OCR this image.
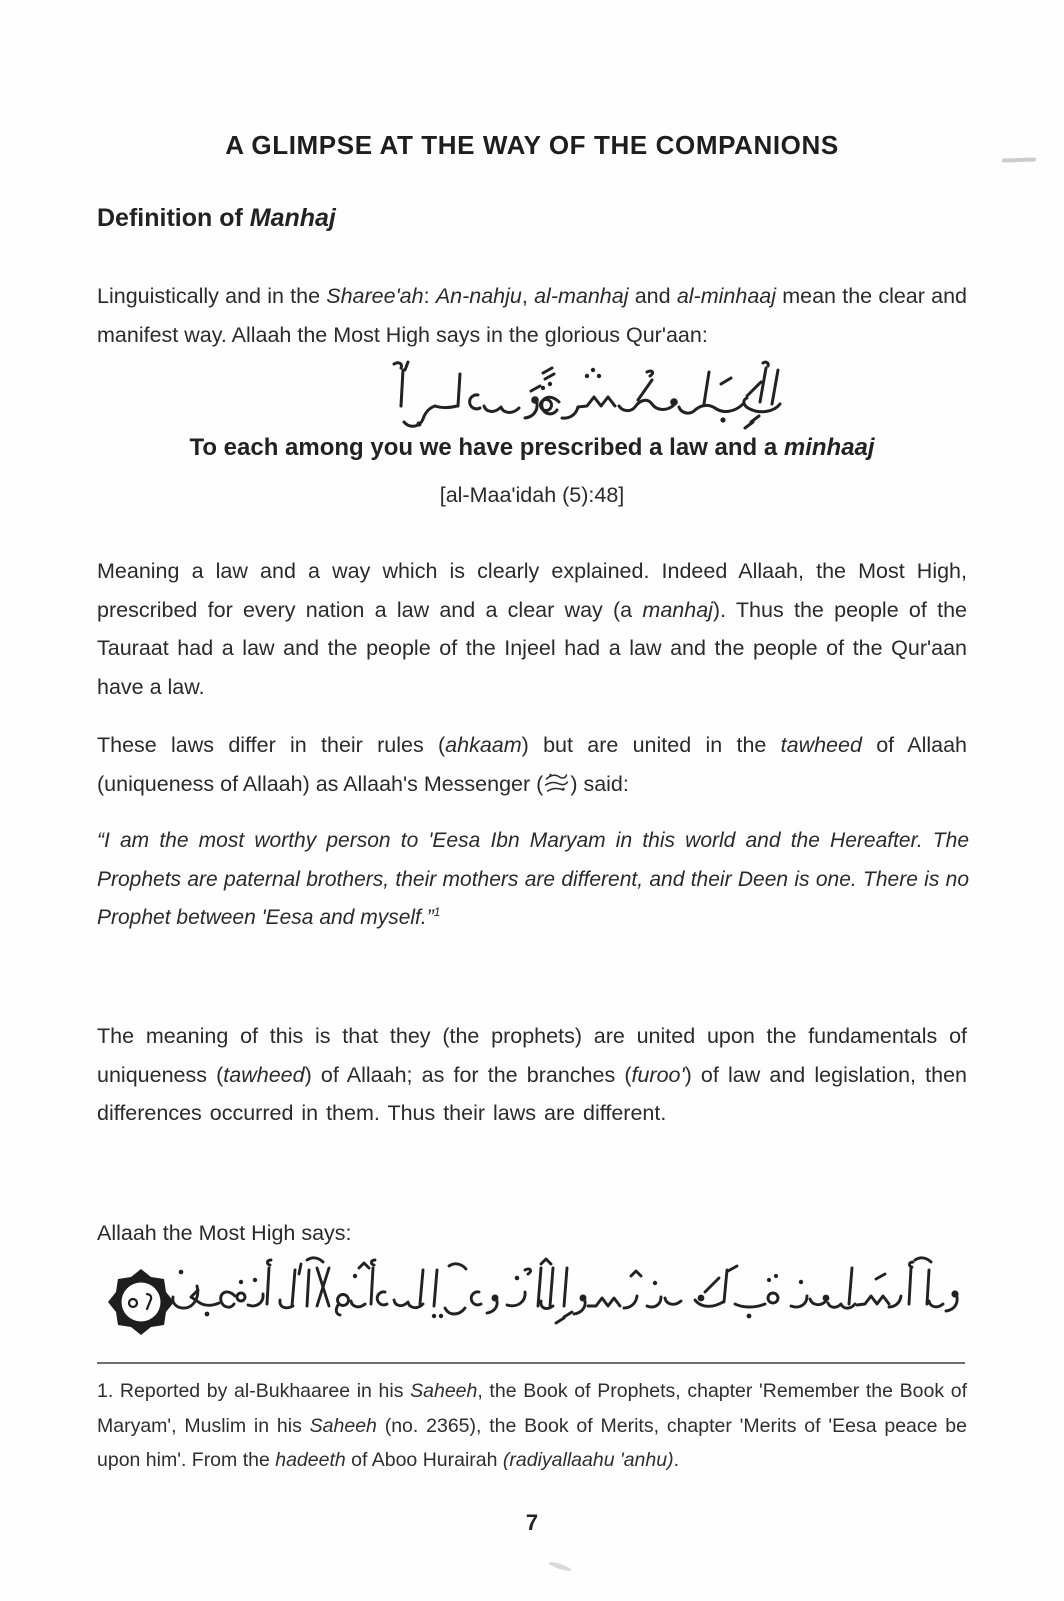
A GLIMPSE AT THE WAY OF THE COMPANIONS
Definition of Manhaj
Linguistically and in the Sharee'ah: An-nahju, al-manhaj and al-minhaaj mean the clear and manifest way. Allaah the Most High says in the glorious Qur'aan:
To each among you we have prescribed a law and a minhaaj
[al-Maa'idah (5):48]
Meaning a law and a way which is clearly explained. Indeed Allaah, the Most High, prescribed for every nation a law and a clear way (a manhaj). Thus the people of the Tauraat had a law and the people of the Injeel had a law and the people of the Qur'aan have a law.
These laws differ in their rules (ahkaam) but are united in the tawheed of Allaah (uniqueness of Allaah) as Allaah's Messenger ( ) said:
“I am the most worthy person to 'Eesa Ibn Maryam in this world and the Hereafter. The Prophets are paternal brothers, their mothers are different, and their Deen is one. There is no Prophet between 'Eesa and myself.”$^1$
The meaning of this is that they (the prophets) are united upon the fundamentals of uniqueness (tawheed) of Allaah; as for the branches (furoo') of law and legislation, then differences occurred in them. Thus their laws are different.
Allaah the Most High says:
1. Reported by al-Bukhaaree in his Saheeh, the Book of Prophets, chapter 'Remember the Book of Maryam', Muslim in his Saheeh (no. 2365), the Book of Merits, chapter 'Merits of 'Eesa peace be upon him'. From the hadeeth of Aboo Hurairah (radiyallaahu 'anhu).
7
